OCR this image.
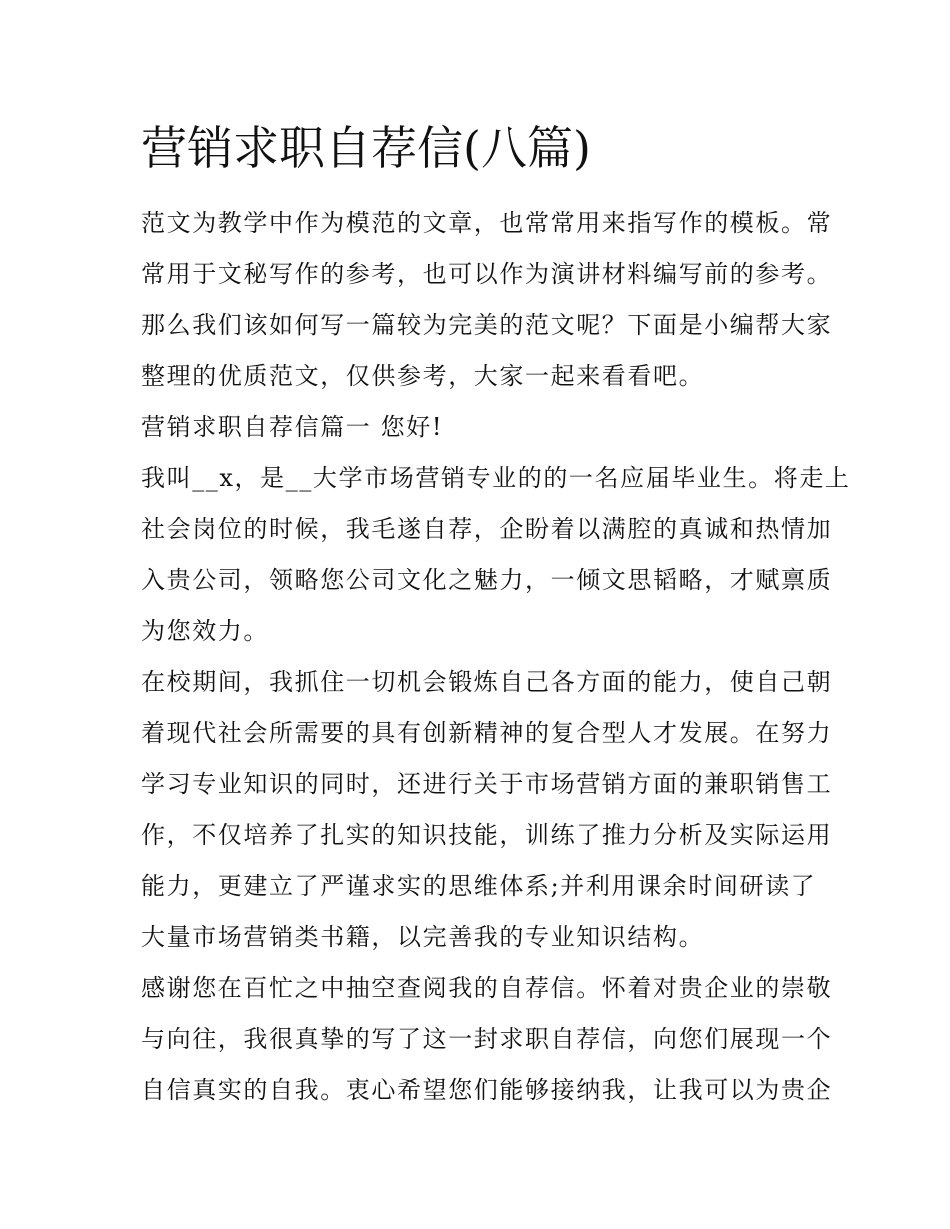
营销求职自荐信(八篇)
范文为教学中作为模范的文章，也常常用来指写作的模板。常
常用于文秘写作的参考，也可以作为演讲材料编写前的参考。
那么我们该如何写一篇较为完美的范文呢？下面是小编帮大家
整理的优质范文，仅供参考，大家一起来看看吧。
营销求职自荐信篇一 您好!
我叫__x，是__大学市场营销专业的的一名应届毕业生。将走上
社会岗位的时候，我毛遂自荐，企盼着以满腔的真诚和热情加
入贵公司，领略您公司文化之魅力，一倾文思韬略，才赋禀质
为您效力。
在校期间，我抓住一切机会锻炼自己各方面的能力，使自己朝
着现代社会所需要的具有创新精神的复合型人才发展。在努力
学习专业知识的同时，还进行关于市场营销方面的兼职销售工
作，不仅培养了扎实的知识技能，训练了推力分析及实际运用
能力，更建立了严谨求实的思维体系;并利用课余时间研读了
大量市场营销类书籍，以完善我的专业知识结构。
感谢您在百忙之中抽空查阅我的自荐信。怀着对贵企业的崇敬
与向往，我很真挚的写了这一封求职自荐信，向您们展现一个
自信真实的自我。衷心希望您们能够接纳我，让我可以为贵企
